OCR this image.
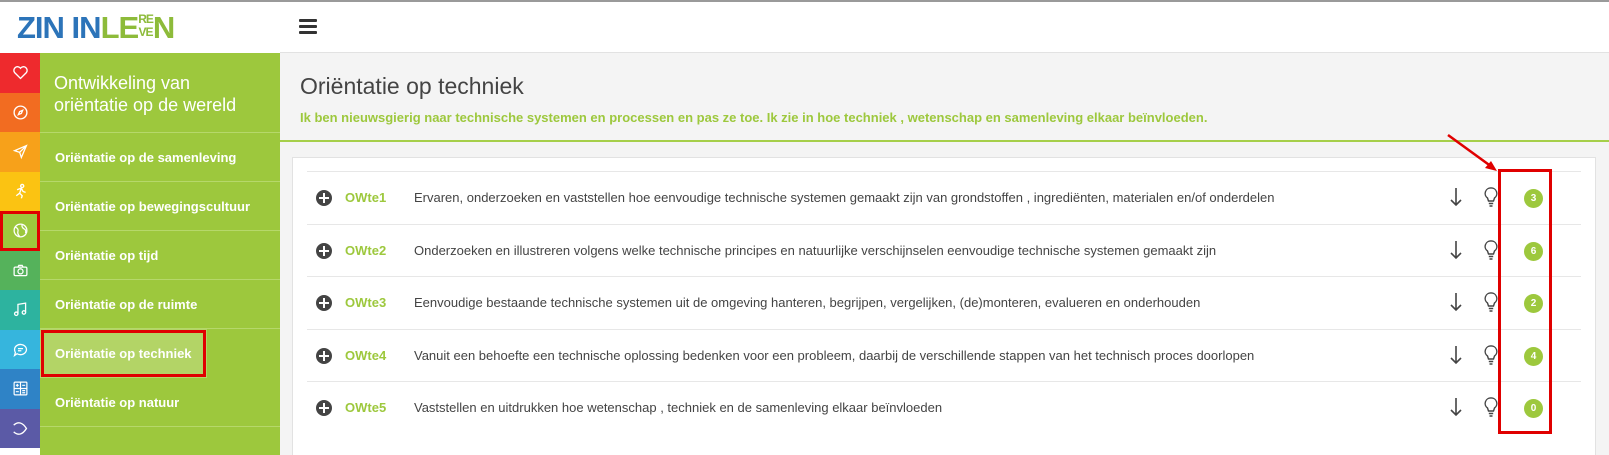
ZIN INLERE
VEN
Ontwikkeling van oriëntatie op de wereld
Oriëntatie op de samenleving
Oriëntatie op bewegingscultuur
Oriëntatie op tijd
Oriëntatie op de ruimte
Oriëntatie op techniek
Oriëntatie op natuur
Oriëntatie op techniek
Ik ben nieuwsgierig naar technische systemen en processen en pas ze toe. Ik zie in hoe techniek , wetenschap en samenleving elkaar beïnvloeden.
OWte1 Ervaren, onderzoeken en vaststellen hoe eenvoudige technische systemen gemaakt zijn van grondstoffen , ingrediënten, materialen en/of onderdelen	3
OWte2 Onderzoeken en illustreren volgens welke technische principes en natuurlijke verschijnselen eenvoudige technische systemen gemaakt zijn	6
OWte3 Eenvoudige bestaande technische systemen uit de omgeving hanteren, begrijpen, vergelijken, (de)monteren, evalueren en onderhouden	2
OWte4 Vanuit een behoefte een technische oplossing bedenken voor een probleem, daarbij de verschillende stappen van het technisch proces doorlopen	4
OWte5 Vaststellen en uitdrukken hoe wetenschap , techniek en de samenleving elkaar beïnvloeden	0
